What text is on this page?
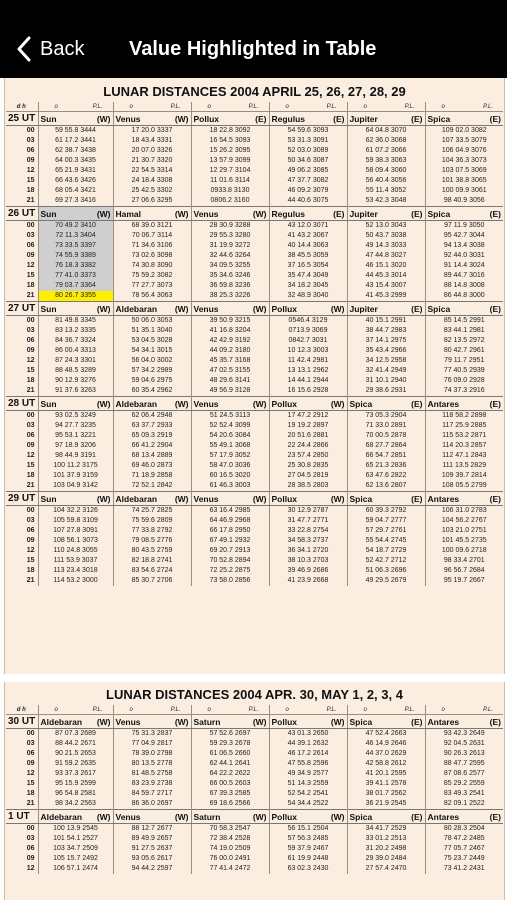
Back Value Highlighted in Table
LUNAR DISTANCES 2004 APRIL 25, 26, 27, 28, 29
d h	o P.L.	o P.L.	o P.L.	o P.L.	o P.L.	o P.L.

25 UT	Sun (W)	Venus (W)	Pollux (E)	Regulus (E)	Jupiter (E)	Spica (E)

00	59 55.8 3444	17 20.0 3337	18 22.8 3092	54 59.6 3093	64 04.8 3070	109 02.0 3082
03	61 17.2 3441	18 43.4 3331	16 54.5 3093	53 31.3 3091	62 36.0 3068	107 33.5 3079
06	62 38.7 3438	20 07.0 3326	15 26.2 3095	52 03.0 3089	61 07.2 3066	106 04.9 3076
09	64 00.3 3435	21 30.7 3320	13 57.9 3099	50 34.6 3087	59 38.3 3063	104 36.3 3073
12	65 21.9 3431	22 54.5 3314	12 29.7 3104	49 06.2 3085	58 09.4 3060	103 07.5 3069
15	66 43.6 3426	24 18.4 3308	11 01.6 3114	47 37.7 3082	56 40.4 3056	101 38.8 3065
18	68 05.4 3421	25 42.5 3302	0933.8 3130	46 09.2 3079	55 11.4 3052	100 09.9 3061
21	69 27.3 3416	27 06.6 3295	0806.2 3160	44 40.6 3075	53 42.3 3048	98 40.9 3056
26 UT	Sun (W)	Hamal (W)	Venus (W)	Regulus (E)	Jupiter (E)	Spica (E)

00	70 49.2 3410	68 39.0 3121	28 30.9 3288	43 12.0 3071	52 13.0 3043	97 11.9 3050
03	72 11.3 3404	70 06.7 3114	29 55.3 3280	41 43.2 3067	50 43.7 3038	95 42.7 3044
06	73 33.5 3397	71 34.6 3106	31 19.9 3272	40 14.4 3063	49 14.3 3033	94 13.4 3038
09	74 55.9 3389	73 02.6 3098	32 44.6 3264	38 45.5 3059	47 44.8 3027	92 44.0 3031
12	76 18.3 3382	74 30.8 3090	34 09.5 3255	37 16.5 3054	46 15.1 3020	91 14.4 3024
15	77 41.0 3373	75 59.2 3082	35 34.6 3246	35 47.4 3049	44 45.3 3014	89 44.7 3016
18	79 03.7 3364	77 27.7 3073	36 59.8 3236	34 18.2 3045	43 15.4 3007	88 14.8 3008
21	80 26.7 3355	78 56.4 3063	38 25.3 3226	32 48.9 3040	41 45.3 2999	86 44.8 3000
27 UT	Sun (W)	Aldebaran (W)	Venus (W)	Pollux (W)	Jupiter (E)	Spica (E)

00	81 49.8 3345	50 06.0 3053	39 50.9 3215	0546.4 3129	40 15.1 2991	85 14.5 2991
03	83 13.2 3335	51 35.1 3040	41 16.8 3204	0713.9 3069	38 44.7 2983	83 44.1 2981
06	84 36.7 3324	53 04.5 3028	42 42.9 3192	0842.7 3031	37 14.1 2975	82 13.5 2972
09	86 00.4 3313	54 34.1 3015	44 09.2 3180	10 12.3 3003	35 43.4 2966	80 42.7 2961
12	87 24.3 3301	56 04.0 3002	45 35.7 3168	11 42.4 2981	34 12.5 2958	79 11.7 2951
15	88 48.5 3289	57 34.2 2989	47 02.5 3155	13 13.1 2962	32 41.4 2949	77 40.5 2939
18	90 12.9 3276	59 04.6 2975	48 29.6 3141	14 44.1 2944	31 10.1 2940	76 09.0 2928
21	91 37.6 3263	60 35.4 2962	49 56.9 3128	16 15.6 2928	29 38.6 2931	74 37.3 2916
28 UT	Sun (W)	Aldebaran (W)	Venus (W)	Pollux (W)	Spica (E)	Antares (E)

00	93 02.5 3249	62 06.4 2948	51 24.5 3113	17 47.2 2912	73 05.3 2904	118 58.2 2898
03	94 27.7 3235	63 37.7 2933	52 52.4 3099	19 19.2 2897	71 33.0 2891	117 25.9 2885
06	95 53.1 3221	65 09.3 2919	54 20.6 3084	20 51.6 2881	70 00.5 2878	115 53.2 2871
09	97 18.9 3206	66 41.2 2904	55 49.1 3068	22 24.4 2866	68 27.7 2864	114 20.3 2857
12	98 44.9 3191	68 13.4 2889	57 17.9 3052	23 57.4 2850	66 54.7 2851	112 47.1 2843
15	100 11.2 3175	69 46.0 2873	58 47.0 3036	25 30.8 2835	65 21.3 2836	111 13.5 2829
18	101 37.9 3159	71 18.9 2858	60 16.5 3020	27 04.5 2819	63 47.6 2822	109 39.7 2814
21	103 04.9 3142	72 52.1 2842	61 46.3 3003	28 38.5 2803	62 13.6 2807	108 05.5 2799
29 UT	Sun (W)	Aldebaran (W)	Venus (W)	Pollux (W)	Spica (E)	Antares (E)

00	104 32.2 3126	74 25.7 2825	63 16.4 2985	30 12.9 2787	60 39.3 2792	106 31.0 2783
03	105 59.8 3109	75 59.6 2809	64 46.9 2968	31 47.7 2771	59 04.7 2777	104 56.2 2767
06	107 27.8 3091	77 33.8 2792	66 17.8 2950	33 22.8 2754	57 29.7 2761	103 21.0 2751
09	108 56.1 3073	79 08.5 2776	67 49.1 2932	34 58.3 2737	55 54.4 2745	101 45.5 2735
12	110 24.8 3055	80 43.5 2759	69 20.7 2913	36 34.1 2720	54 18.7 2729	100 09.6 2718
15	111 53.9 3037	82 18.8 2741	70 52.8 2894	38 10.3 2703	52 42.7 2712	98 33.4 2701
18	113 23.4 3018	83 54.6 2724	72 25.2 2875	39 46.9 2686	51 06.3 2696	96 56.7 2684
21	114 53.2 3000	85 30.7 2706	73 58.0 2856	41 23.9 2668	49 29.5 2679	95 19.7 2667
LUNAR DISTANCES 2004 APR. 30, MAY 1, 2, 3, 4
d h	o P.L.	o P.L.	o P.L.	o P.L.	o P.L.	o P.L.

30 UT	Aldebaran (W)	Venus (W)	Saturn (W)	Pollux (W)	Spica (E)	Antares (E)

00	87 07.3 2689	75 31.3 2837	57 52.6 2697	43 01.3 2650	47 52.4 2663	93 42.3 2649
03	88 44.2 2671	77 04.9 2817	59 29.3 2678	44 39.1 2632	46 14.9 2646	92 04.5 2631
06	90 21.5 2653	78 39.0 2798	61 06.5 2660	46 17.2 2614	44 37.0 2629	90 26.3 2613
09	91 59.2 2635	80 13.5 2778	62 44.1 2641	47 55.8 2596	42 58.8 2612	88 47.7 2595
12	93 37.3 2617	81 48.5 2758	64 22.2 2622	49 34.9 2577	41 20.1 2595	87 08.6 2577
15	95 15.9 2599	83 23.9 2738	66 00.5 2603	51 14.3 2559	39 41.1 2578	85 29.2 2559
18	96 54.8 2581	84 59.7 2717	67 39.3 2585	52 54.2 2541	38 01.7 2562	83 49.3 2541
21	98 34.2 2563	86 36.0 2697	69 18.6 2566	54 34.4 2522	36 21.9 2545	82 09.1 2522
1 UT	Aldebaran (W)	Venus (W)	Saturn (W)	Pollux (W)	Spica (E)	Antares (E)

00	100 13.9 2545	88 12.7 2677	70 58.3 2547	56 15.1 2504	34 41.7 2529	80 28.3 2504
03	101 54.1 2527	89 49.9 2657	72 38.4 2528	57 56.3 2485	33 01.2 2513	78 47.2 2485
06	103 34.7 2509	91 27.5 2637	74 19.0 2509	59 37.9 2467	31 20.2 2498	77 05.7 2467
09	105 15.7 2492	93 05.6 2617	76 00.0 2491	61 19.9 2448	29 39.0 2484	75 23.7 2449
12	106 57.1 2474	94 44.2 2597	77 41.4 2472	63 02.3 2430	27 57.4 2470	73 41.2 2431
